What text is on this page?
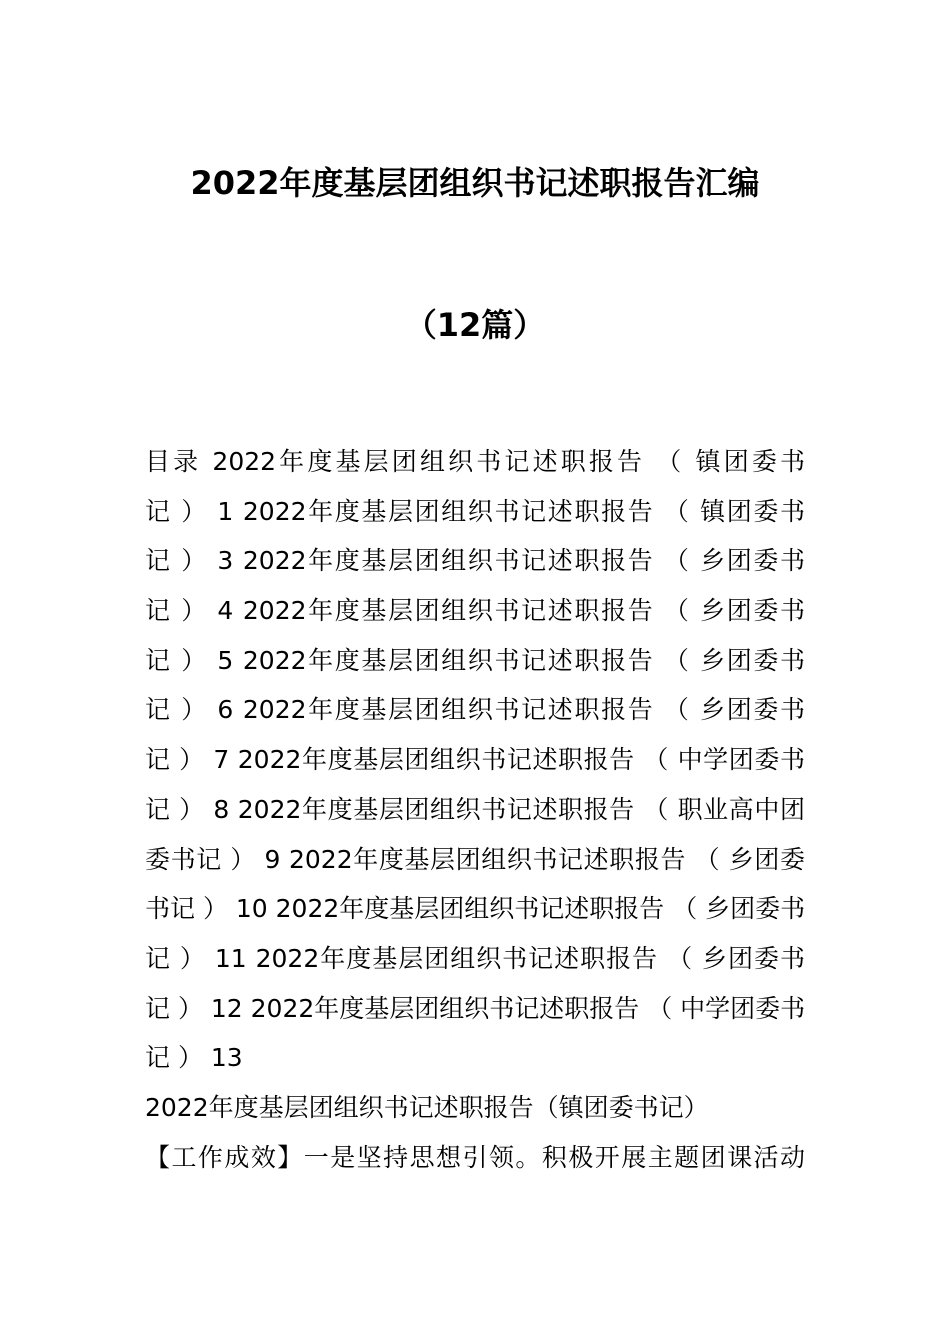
2022年度基层团组织书记述职报告汇编
（12篇）
目录 2022年度基层团组织书记述职报告 （ 镇团委书
记 ） 1 2022年度基层团组织书记述职报告 （ 镇团委书
记 ） 3 2022年度基层团组织书记述职报告 （ 乡团委书
记 ） 4 2022年度基层团组织书记述职报告 （ 乡团委书
记 ） 5 2022年度基层团组织书记述职报告 （ 乡团委书
记 ） 6 2022年度基层团组织书记述职报告 （ 乡团委书
记 ） 7 2022年度基层团组织书记述职报告 （ 中学团委书
记 ） 8 2022年度基层团组织书记述职报告 （ 职业高中团
委书记 ） 9 2022年度基层团组织书记述职报告 （ 乡团委
书记 ） 10 2022年度基层团组织书记述职报告 （ 乡团委书
记 ） 11 2022年度基层团组织书记述职报告 （ 乡团委书
记 ） 12 2022年度基层团组织书记述职报告 （ 中学团委书
记 ） 13
2022年度基层团组织书记述职报告（镇团委书记）
【工作成效】一是坚持思想引领。积极开展主题团课活动
